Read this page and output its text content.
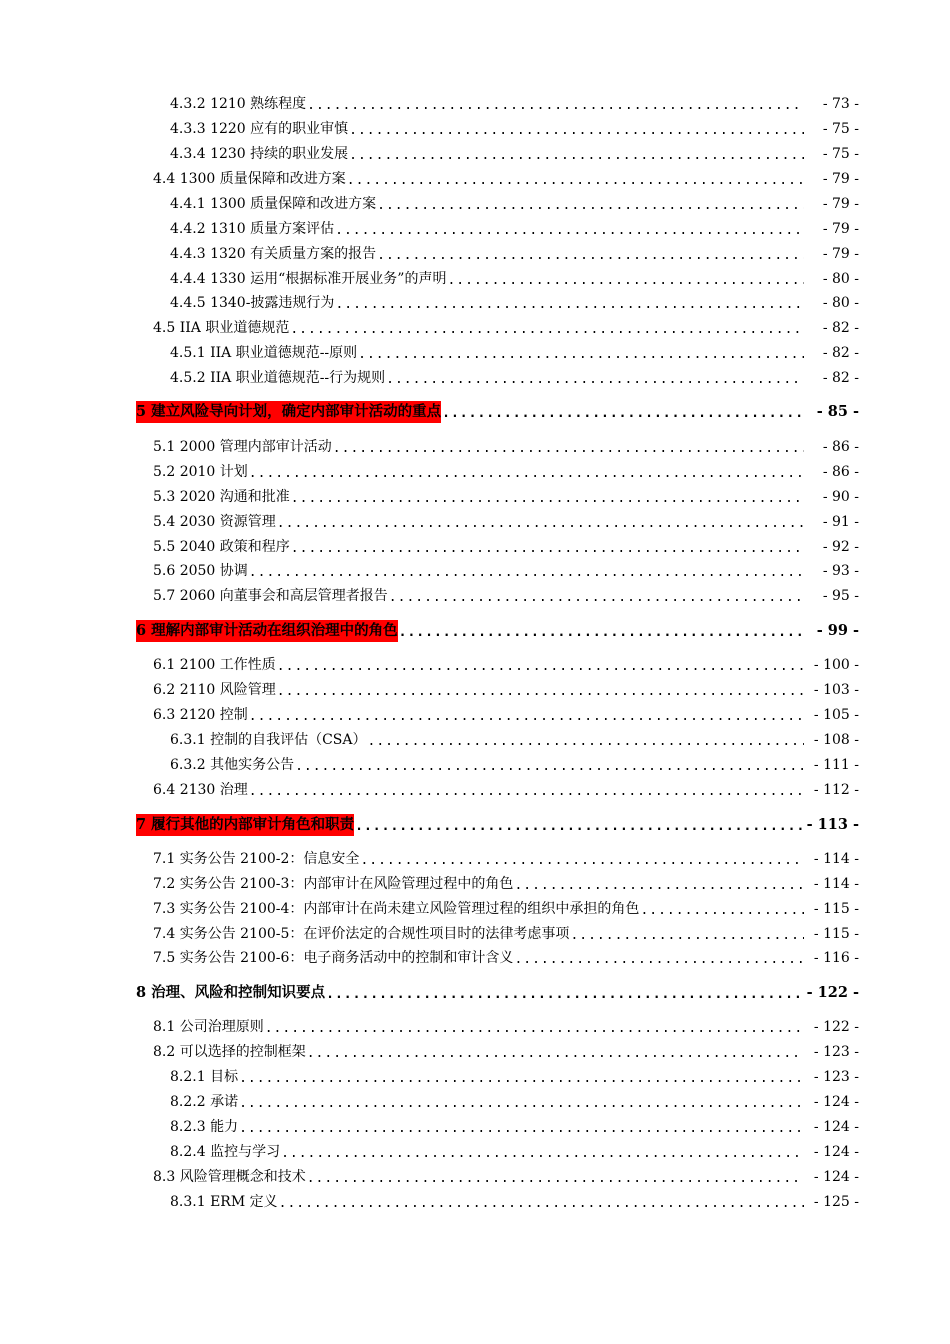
4.3.2 1210 熟练程度 .....	- 73 -
4.3.3 1220 应有的职业审慎 .....	- 75 -
4.3.4 1230 持续的职业发展 .....	- 75 -
4.4 1300 质量保障和改进方案 .....	- 79 -
4.4.1 1300 质量保障和改进方案 .....	- 79 -
4.4.2 1310 质量方案评估 .....	- 79 -
4.4.3 1320 有关质量方案的报告 .....	- 79 -
4.4.4 1330 运用“根据标准开展业务”的声明 .....	- 80 -
4.4.5 1340-披露违规行为 .....	- 80 -
4.5 IIA 职业道德规范 .....	- 82 -
4.5.1 IIA 职业道德规范--原则 .....	- 82 -
4.5.2 IIA 职业道德规范--行为规则 .....	- 82 -
5 建立风险导向计划，确定内部审计活动的重点 .....	- 85 -
5.1 2000 管理内部审计活动 .....	- 86 -
5.2 2010 计划 .....	- 86 -
5.3 2020 沟通和批准 .....	- 90 -
5.4 2030 资源管理 .....	- 91 -
5.5 2040 政策和程序 .....	- 92 -
5.6 2050 协调 .....	- 93 -
5.7 2060 向董事会和高层管理者报告 .....	- 95 -
6 理解内部审计活动在组织治理中的角色 .....	- 99 -
6.1 2100 工作性质 .....	- 100 -
6.2 2110 风险管理 .....	- 103 -
6.3 2120 控制 .....	- 105 -
6.3.1 控制的自我评估（CSA） .....	- 108 -
6.3.2 其他实务公告 .....	- 111 -
6.4 2130 治理 .....	- 112 -
7 履行其他的内部审计角色和职责 .....	- 113 -
7.1 实务公告 2100-2：信息安全 .....	- 114 -
7.2 实务公告 2100-3：内部审计在风险管理过程中的角色 .....	- 114 -
7.3 实务公告 2100-4：内部审计在尚未建立风险管理过程的组织中承担的角色 .....	- 115 -
7.4 实务公告 2100-5：在评价法定的合规性项目时的法律考虑事项 .....	- 115 -
7.5 实务公告 2100-6：电子商务活动中的控制和审计含义 .....	- 116 -
8 治理、风险和控制知识要点 .....	- 122 -
8.1 公司治理原则 .....	- 122 -
8.2 可以选择的控制框架 .....	- 123 -
8.2.1 目标 .....	- 123 -
8.2.2 承诺 .....	- 124 -
8.2.3 能力 .....	- 124 -
8.2.4 监控与学习 .....	- 124 -
8.3 风险管理概念和技术 .....	- 124 -
8.3.1 ERM 定义 .....	- 125 -
